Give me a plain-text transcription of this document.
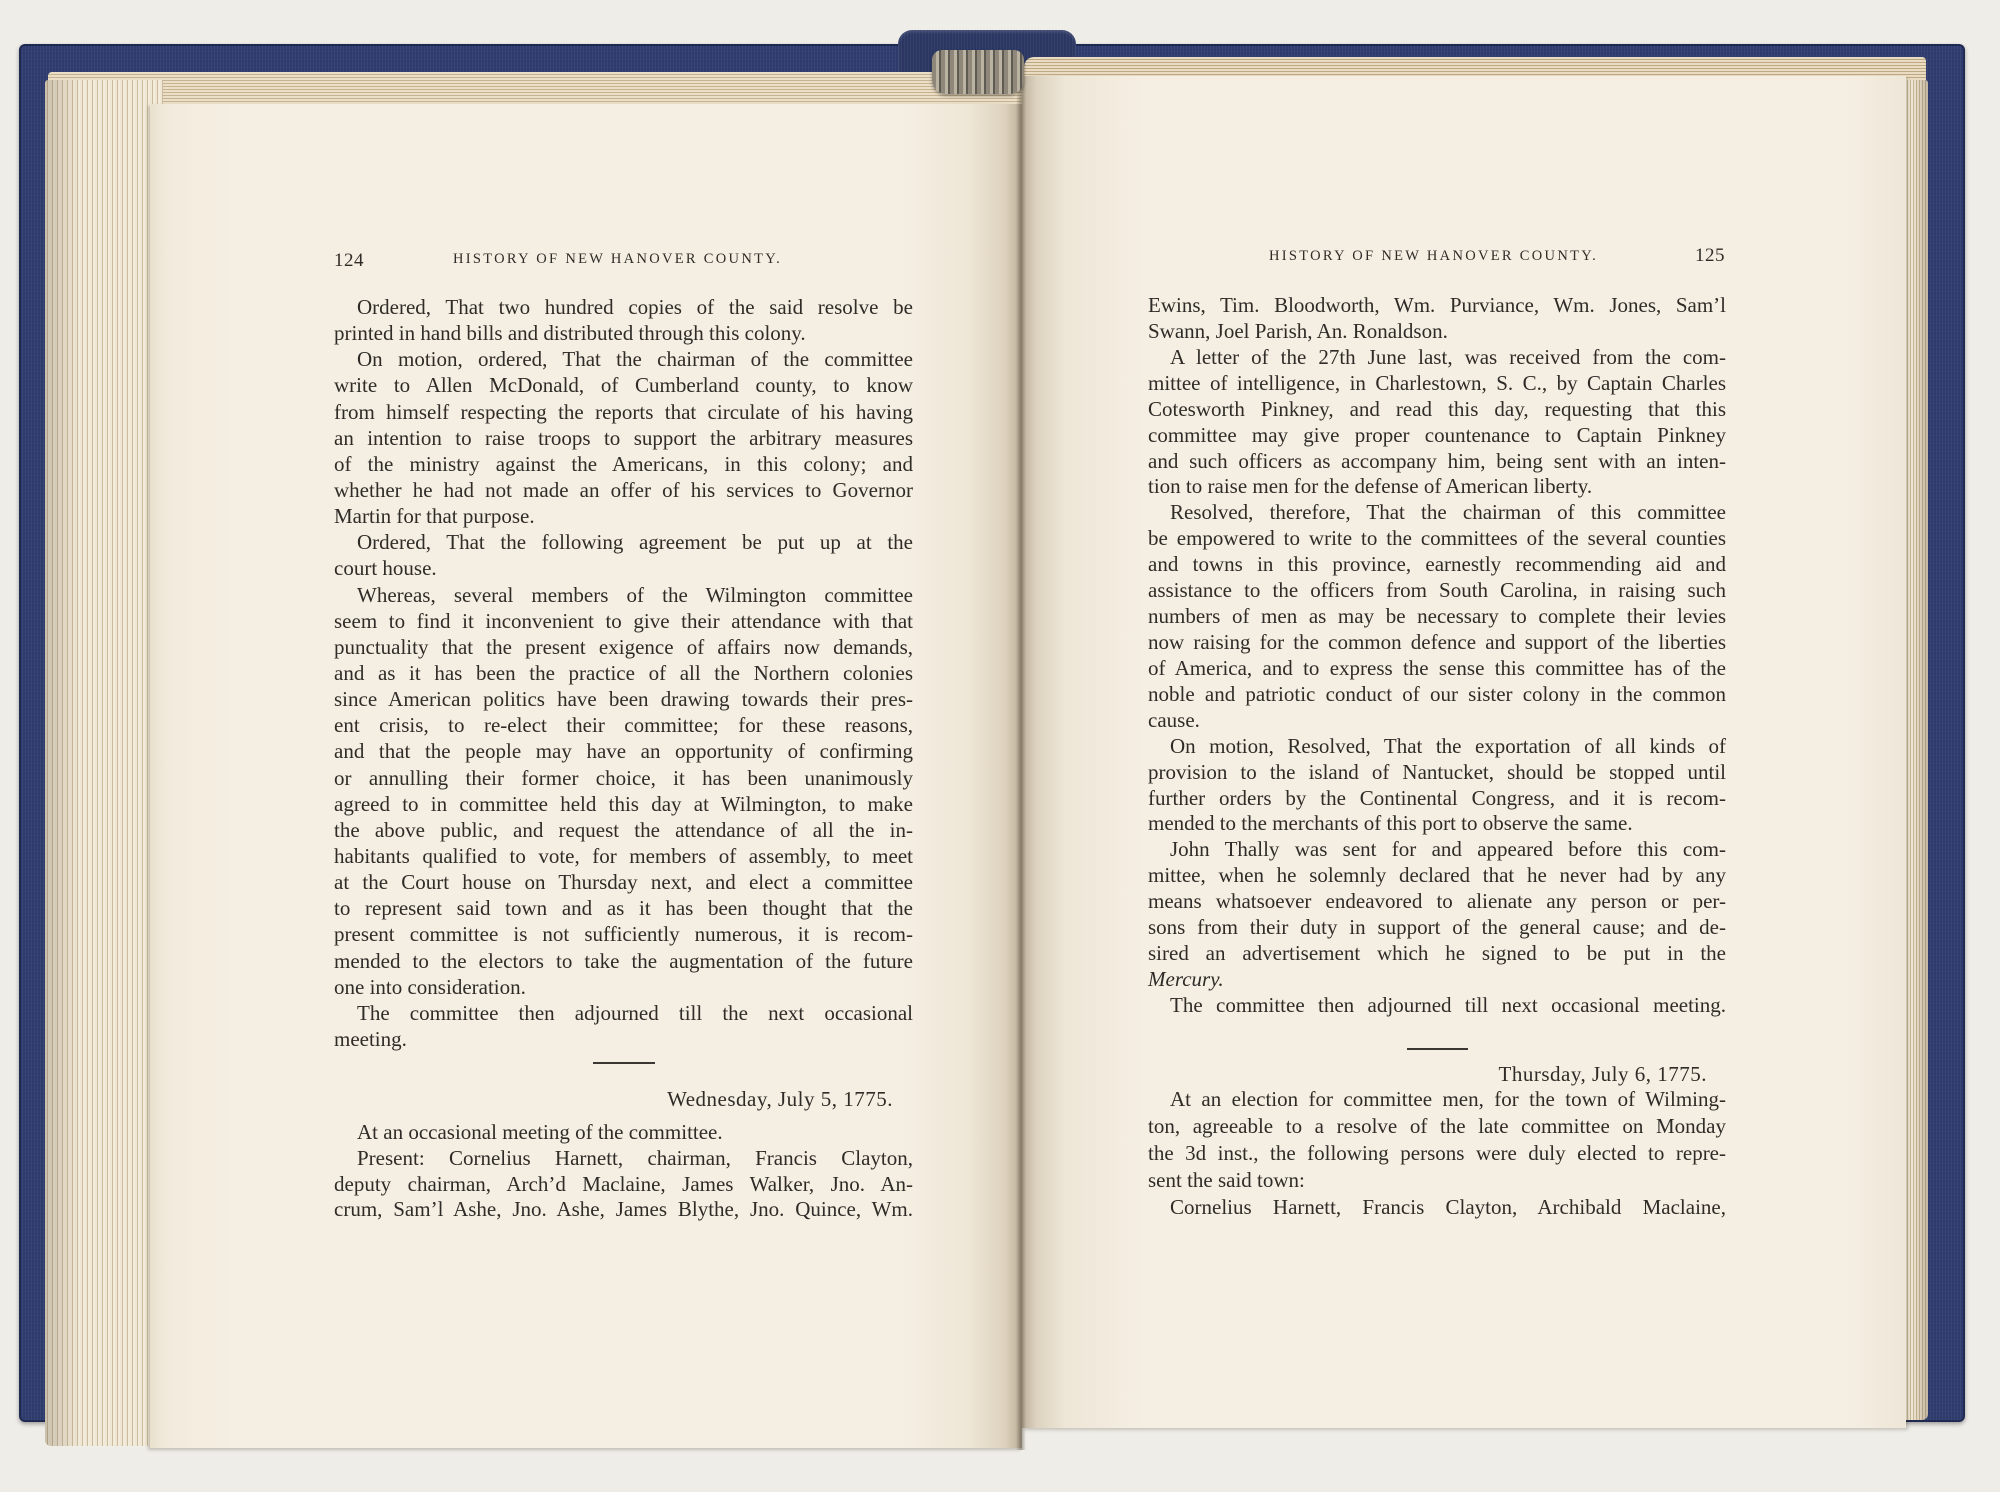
124	HISTORY OF NEW HANOVER COUNTY.
Ordered, That two hundred copies of the said resolve be
printed in hand bills and distributed through this colony.
On motion, ordered, That the chairman of the committee
write to Allen McDonald, of Cumberland county, to know
from himself respecting the reports that circulate of his having
an intention to raise troops to support the arbitrary measures
of the ministry against the Americans, in this colony; and
whether he had not made an offer of his services to Governor
Martin for that purpose.
Ordered, That the following agreement be put up at the
court house.
Whereas, several members of the Wilmington committee
seem to find it inconvenient to give their attendance with that
punctuality that the present exigence of affairs now demands,
and as it has been the practice of all the Northern colonies
since American politics have been drawing towards their pres-
ent crisis, to re-elect their committee; for these reasons,
and that the people may have an opportunity of confirming
or annulling their former choice, it has been unanimously
agreed to in committee held this day at Wilmington, to make
the above public, and request the attendance of all the in-
habitants qualified to vote, for members of assembly, to meet
at the Court house on Thursday next, and elect a committee
to represent said town and as it has been thought that the
present committee is not sufficiently numerous, it is recom-
mended to the electors to take the augmentation of the future
one into consideration.
The committee then adjourned till the next occasional
meeting.
Wednesday, July 5, 1775.
At an occasional meeting of the committee.
Present: Cornelius Harnett, chairman, Francis Clayton,
deputy chairman, Arch’d Maclaine, James Walker, Jno. An-
crum, Sam’l Ashe, Jno. Ashe, James Blythe, Jno. Quince, Wm.
HISTORY OF NEW HANOVER COUNTY.	125
Ewins, Tim. Bloodworth, Wm. Purviance, Wm. Jones, Sam’l
Swann, Joel Parish, An. Ronaldson.
A letter of the 27th June last, was received from the com-
mittee of intelligence, in Charlestown, S. C., by Captain Charles
Cotesworth Pinkney, and read this day, requesting that this
committee may give proper countenance to Captain Pinkney
and such officers as accompany him, being sent with an inten-
tion to raise men for the defense of American liberty.
Resolved, therefore, That the chairman of this committee
be empowered to write to the committees of the several counties
and towns in this province, earnestly recommending aid and
assistance to the officers from South Carolina, in raising such
numbers of men as may be necessary to complete their levies
now raising for the common defence and support of the liberties
of America, and to express the sense this committee has of the
noble and patriotic conduct of our sister colony in the common
cause.
On motion, Resolved, That the exportation of all kinds of
provision to the island of Nantucket, should be stopped until
further orders by the Continental Congress, and it is recom-
mended to the merchants of this port to observe the same.
John Thally was sent for and appeared before this com-
mittee, when he solemnly declared that he never had by any
means whatsoever endeavored to alienate any person or per-
sons from their duty in support of the general cause; and de-
sired an advertisement which he signed to be put in the
Mercury.
The committee then adjourned till next occasional meeting.
Thursday, July 6, 1775.
At an election for committee men, for the town of Wilming-
ton, agreeable to a resolve of the late committee on Monday
the 3d inst., the following persons were duly elected to repre-
sent the said town:
Cornelius Harnett, Francis Clayton, Archibald Maclaine,
